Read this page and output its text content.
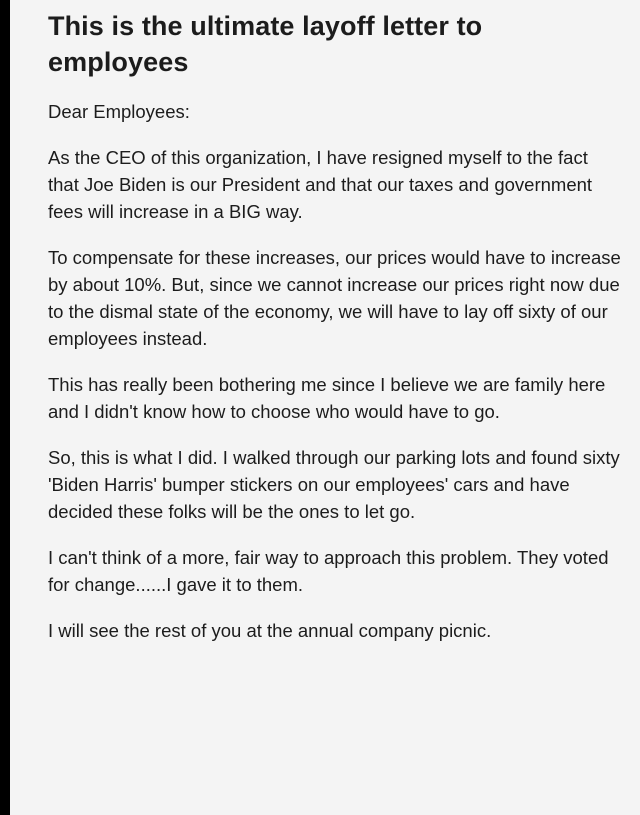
This is the ultimate layoff letter to employees
Dear Employees:
As the CEO of this organization, I have resigned myself to the fact that Joe Biden is our President and that our taxes and government fees will increase in a BIG way.
To compensate for these increases, our prices would have to increase by about 10%. But, since we cannot increase our prices right now due to the dismal state of the economy, we will have to lay off sixty of our employees instead.
This has really been bothering me since I believe we are family here and I didn't know how to choose who would have to go.
So, this is what I did. I walked through our parking lots and found sixty 'Biden Harris' bumper stickers on our employees' cars and have decided these folks will be the ones to let go.
I can't think of a more, fair way to approach this problem. They voted for change......I gave it to them.
I will see the rest of you at the annual company picnic.
